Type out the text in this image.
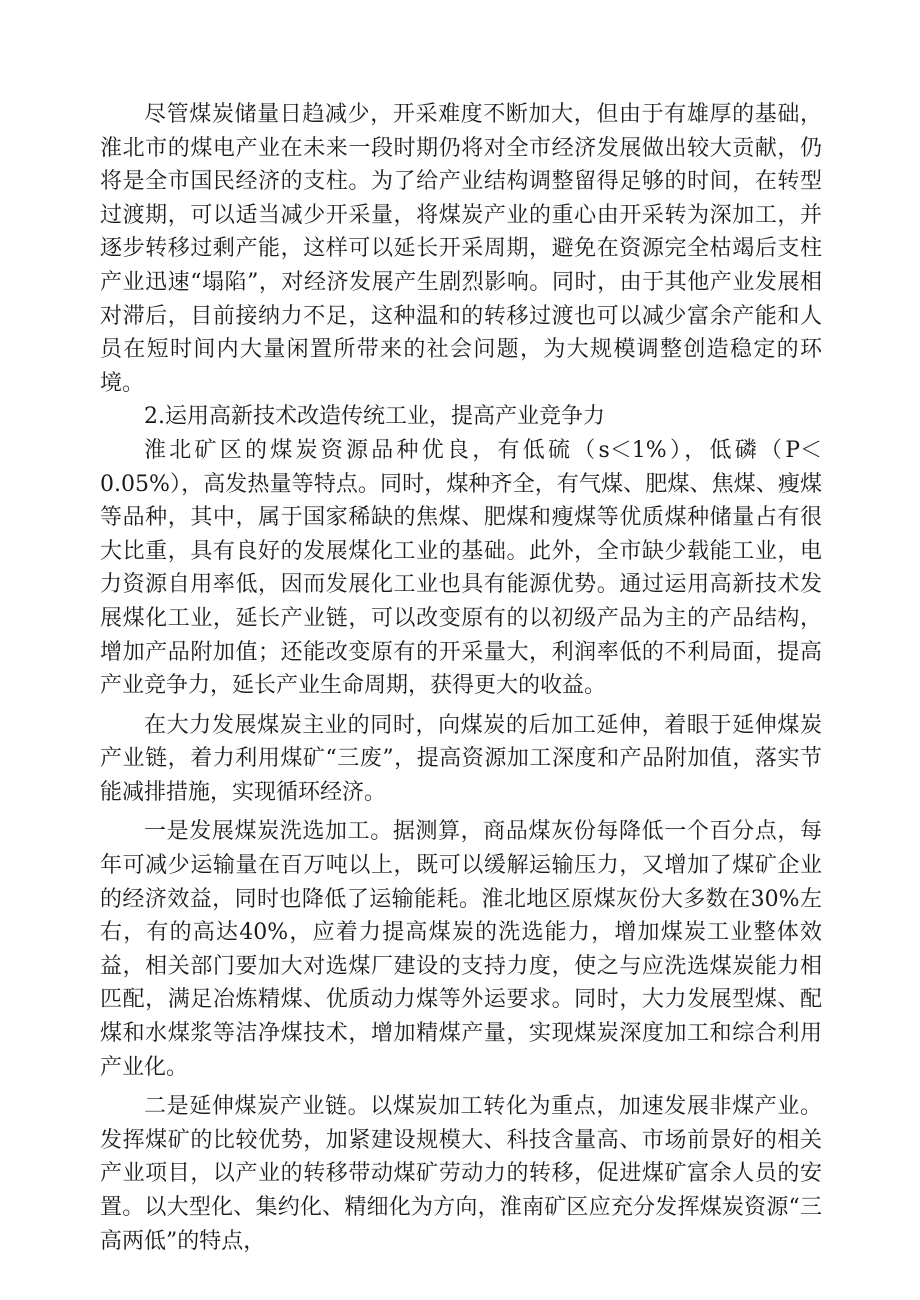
尽管煤炭储量日趋减少，开采难度不断加大，但由于有雄厚的基础，淮北市的煤电产业在未来一段时期仍将对全市经济发展做出较大贡献，仍将是全市国民经济的支柱。为了给产业结构调整留得足够的时间，在转型过渡期，可以适当减少开采量，将煤炭产业的重心由开采转为深加工，并逐步转移过剩产能，这样可以延长开采周期，避免在资源完全枯竭后支柱产业迅速“塌陷”，对经济发展产生剧烈影响。同时，由于其他产业发展相对滞后，目前接纳力不足，这种温和的转移过渡也可以减少富余产能和人员在短时间内大量闲置所带来的社会问题，为大规模调整创造稳定的环境。

2.运用高新技术改造传统工业，提高产业竞争力

淮北矿区的煤炭资源品种优良，有低硫（s＜1%），低磷（P＜0.05%），高发热量等特点。同时，煤种齐全，有气煤、肥煤、焦煤、瘦煤等品种，其中，属于国家稀缺的焦煤、肥煤和瘦煤等优质煤种储量占有很大比重，具有良好的发展煤化工业的基础。此外，全市缺少载能工业，电力资源自用率低，因而发展化工业也具有能源优势。通过运用高新技术发展煤化工业，延长产业链，可以改变原有的以初级产品为主的产品结构，增加产品附加值；还能改变原有的开采量大，利润率低的不利局面，提高产业竞争力，延长产业生命周期，获得更大的收益。

在大力发展煤炭主业的同时，向煤炭的后加工延伸，着眼于延伸煤炭产业链，着力利用煤矿“三废”，提高资源加工深度和产品附加值，落实节能减排措施，实现循环经济。

一是发展煤炭洗选加工。据测算，商品煤灰份每降低一个百分点，每年可减少运输量在百万吨以上，既可以缓解运输压力，又增加了煤矿企业的经济效益，同时也降低了运输能耗。淮北地区原煤灰份大多数在30%左右，有的高达40%，应着力提高煤炭的洗选能力，增加煤炭工业整体效益，相关部门要加大对选煤厂建设的支持力度，使之与应洗选煤炭能力相匹配，满足冶炼精煤、优质动力煤等外运要求。同时，大力发展型煤、配煤和水煤浆等洁净煤技术，增加精煤产量，实现煤炭深度加工和综合利用产业化。

二是延伸煤炭产业链。以煤炭加工转化为重点，加速发展非煤产业。发挥煤矿的比较优势，加紧建设规模大、科技含量高、市场前景好的相关产业项目，以产业的转移带动煤矿劳动力的转移，促进煤矿富余人员的安置。以大型化、集约化、精细化为方向，淮南矿区应充分发挥煤炭资源“三高两低”的特点，
